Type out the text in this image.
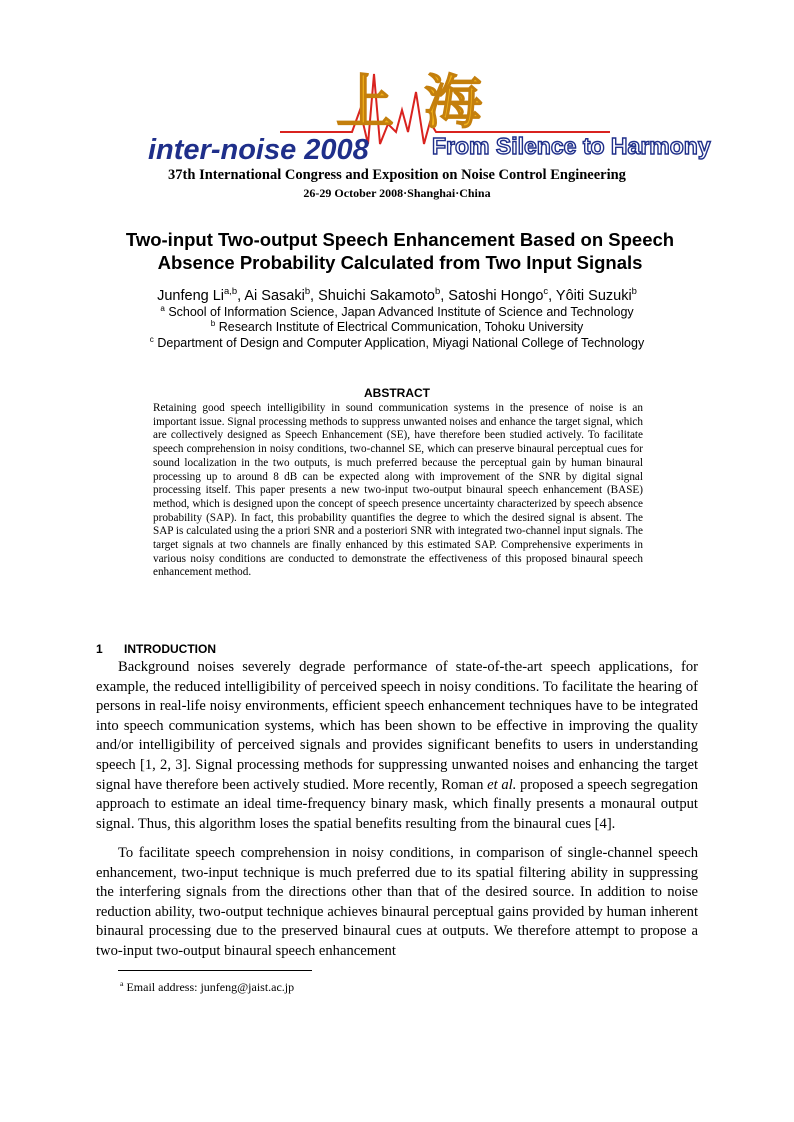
上海
inter-noise 2008	From Silence to Harmony
37th International Congress and Exposition on Noise Control Engineering
26-29 October 2008·Shanghai·China
Two-input Two-output Speech Enhancement Based on Speech
Absence Probability Calculated from Two Input Signals
Junfeng Li$^{a,b}$, Ai Sasaki$^b$, Shuichi Sakamoto$^b$, Satoshi Hongo$^c$, Yôiti Suzuki$^b$
$^a$ School of Information Science, Japan Advanced Institute of Science and Technology
$^b$ Research Institute of Electrical Communication, Tohoku University
$^c$ Department of Design and Computer Application, Miyagi National College of Technology
ABSTRACT

Retaining good speech intelligibility in sound communication systems in the presence of noise is an important issue. Signal processing methods to suppress unwanted noises and enhance the target signal, which are collectively designed as Speech Enhancement (SE), have therefore been studied actively. To facilitate speech comprehension in noisy conditions, two-channel SE, which can preserve binaural perceptual cues for sound localization in the two outputs, is much preferred because the perceptual gain by human binaural processing up to around 8 dB can be expected along with improvement of the SNR by digital signal processing itself. This paper presents a new two-input two-output binaural speech enhancement (BASE) method, which is designed upon the concept of speech presence uncertainty characterized by speech absence probability (SAP). In fact, this probability quantifies the degree to which the desired signal is absent. The SAP is calculated using the a priori SNR and a posteriori SNR with integrated two-channel input signals. The target signals at two channels are finally enhanced by this estimated SAP. Comprehensive experiments in various noisy conditions are conducted to demonstrate the effectiveness of this proposed binaural speech enhancement method.

1 INTRODUCTION

Background noises severely degrade performance of state-of-the-art speech applications, for example, the reduced intelligibility of perceived speech in noisy conditions. To facilitate the hearing of persons in real-life noisy environments, efficient speech enhancement techniques have to be integrated into speech communication systems, which has been shown to be effective in improving the quality and/or intelligibility of perceived signals and provides significant benefits to users in understanding speech [1, 2, 3]. Signal processing methods for suppressing unwanted noises and enhancing the target signal have therefore been actively studied. More recently, Roman et al. proposed a speech segregation approach to estimate an ideal time-frequency binary mask, which finally presents a monaural output signal. Thus, this algorithm loses the spatial benefits resulting from the binaural cues [4].

To facilitate speech comprehension in noisy conditions, in comparison of single-channel speech enhancement, two-input technique is much preferred due to its spatial filtering ability in suppressing the interfering signals from the directions other than that of the desired source. In addition to noise reduction ability, two-output technique achieves binaural perceptual gains provided by human inherent binaural processing due to the preserved binaural cues at outputs. We therefore attempt to propose a two-input two-output binaural speech enhancement

$^a$ Email address: junfeng@jaist.ac.jp
